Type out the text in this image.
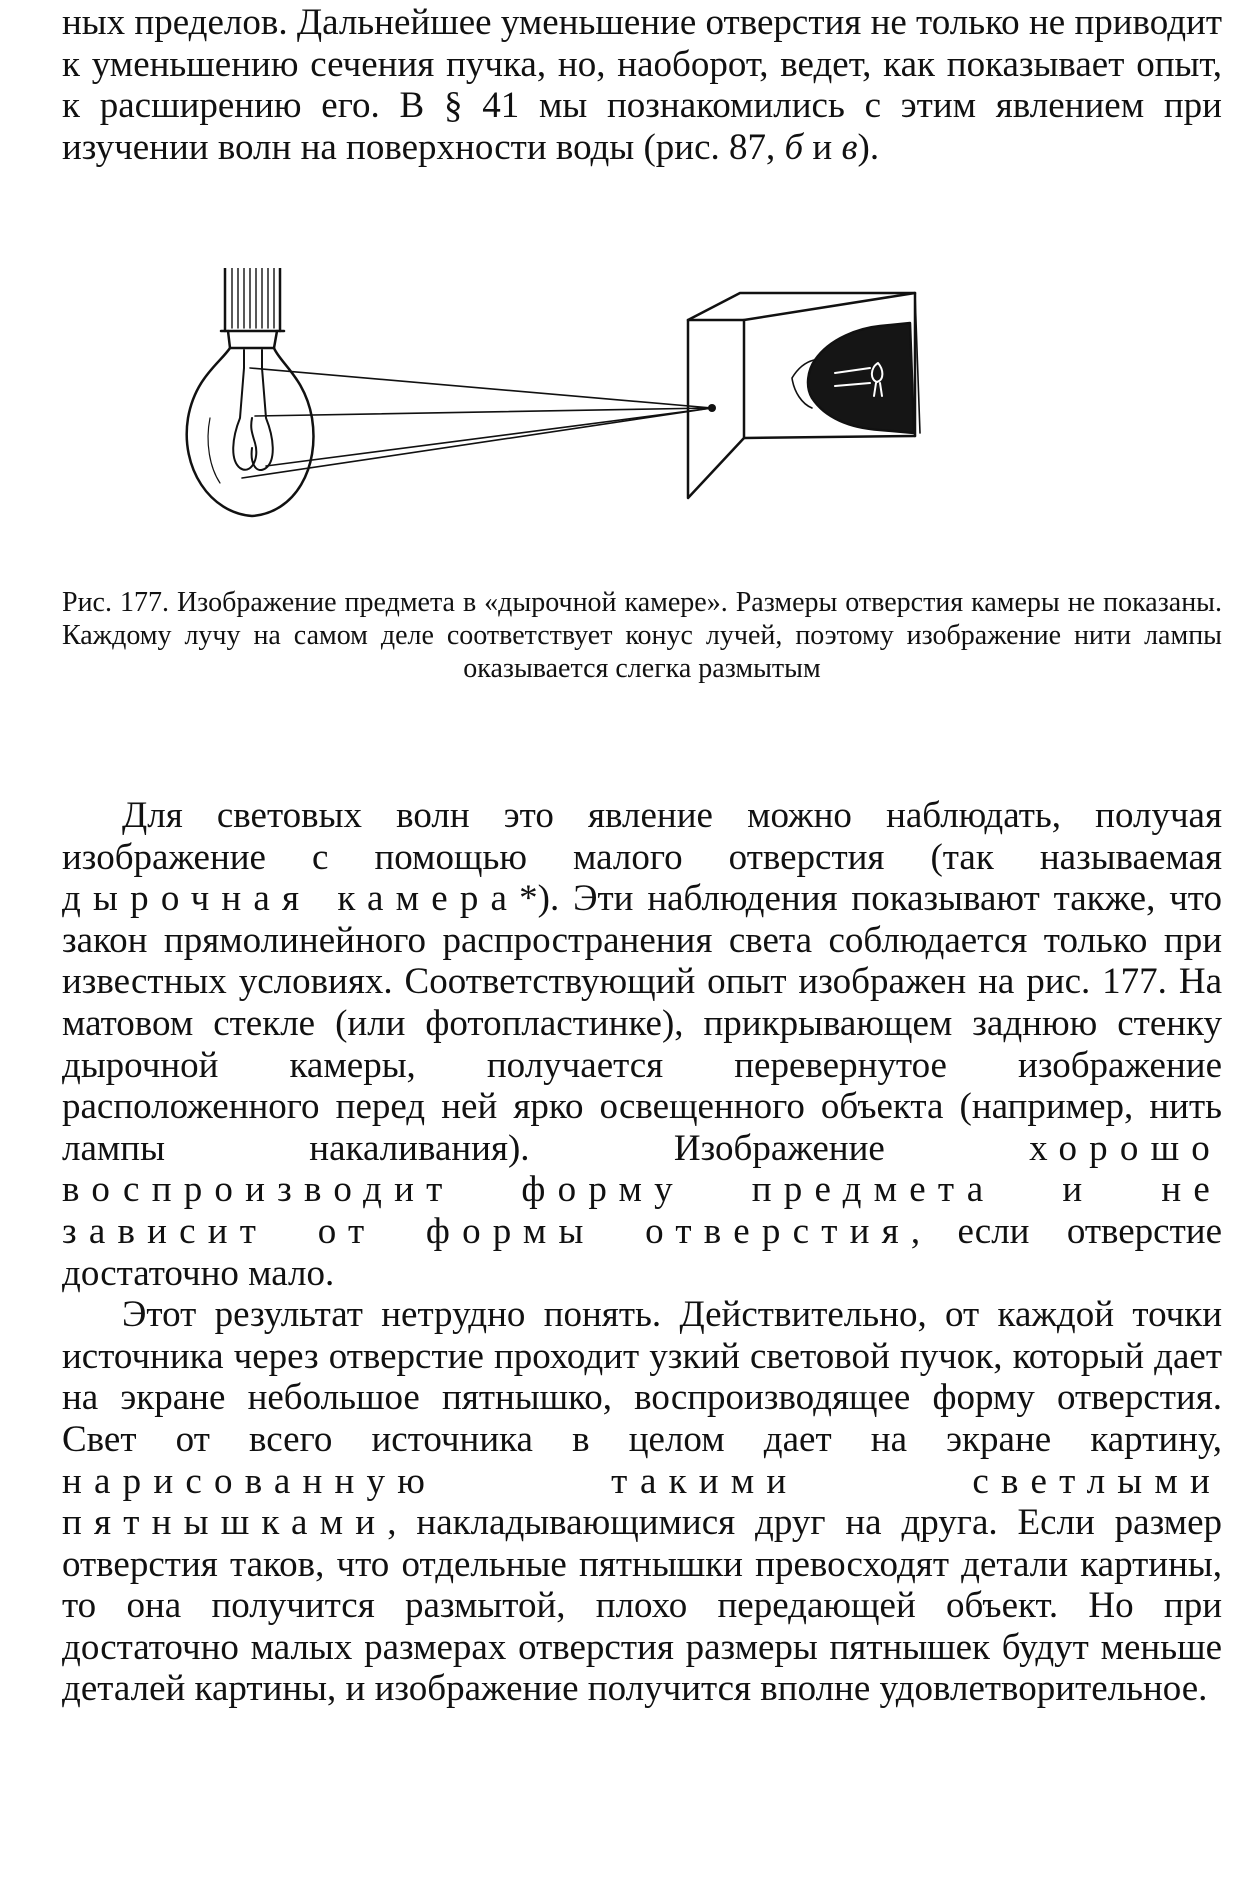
ных пределов. Дальнейшее уменьшение отверстия не только не приводит к уменьшению сечения пучка, но, наоборот, ведет, как показывает опыт, к расширению его. В § 41 мы познакомились с этим явлением при изучении волн на поверхности воды (рис. 87, б и в).

Рис. 177. Изображение предмета в «дырочной камере». Размеры отверстия камеры не показаны. Каждому лучу на самом деле соответствует конус лучей, поэтому изображение нити лампы оказывается слегка размытым

Для световых волн это явление можно наблюдать, получая изображение с помощью малого отверстия (так называемая дырочная камера*). Эти наблюдения показывают также, что закон прямолинейного распространения света соблюдается только при известных условиях. Соответствующий опыт изображен на рис. 177. На матовом стекле (или фотопластинке), прикрывающем заднюю стенку дырочной камеры, получается перевернутое изображение расположенного перед ней ярко освещенного объекта (например, нить лампы накаливания). Изображение хорошо воспроизводит форму предмета и не зависит от формы отверстия, если отверстие достаточно мало.

Этот результат нетрудно понять. Действительно, от каждой точки источника через отверстие проходит узкий световой пучок, который дает на экране небольшое пятнышко, воспроизводящее форму отверстия. Свет от всего источника в целом дает на экране картину, нарисованную такими светлыми пятнышками, накладывающимися друг на друга. Если размер отверстия таков, что отдельные пятнышки превосходят детали картины, то она получится размытой, плохо передающей объект. Но при достаточно малых размерах отверстия размеры пятнышек будут меньше деталей картины, и изображение получится вполне удовлетворительное.
